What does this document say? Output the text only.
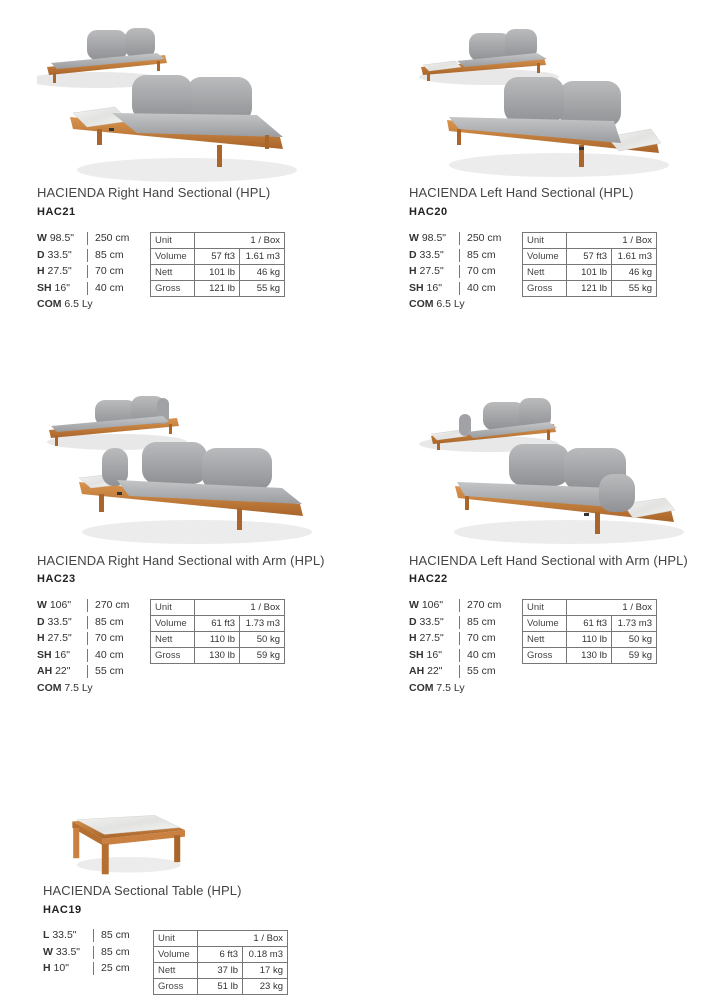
HACIENDA Right Hand Sectional (HPL)
HAC21
W 98.5" 250 cm
D 33.5" 85 cm
H 27.5" 70 cm
SH 16" 40 cm
COM 6.5 Ly
Unit	1 / Box	
Volume	57 ft3	1.61 m3
Nett	101 lb	46 kg
Gross	121 lb	55 kg
HACIENDA Left Hand Sectional (HPL)
HAC20
W 98.5" 250 cm
D 33.5" 85 cm
H 27.5" 70 cm
SH 16" 40 cm
COM 6.5 Ly
Unit	1 / Box	
Volume	57 ft3	1.61 m3
Nett	101 lb	46 kg
Gross	121 lb	55 kg
HACIENDA Right Hand Sectional with Arm (HPL)
HAC23
W 106" 270 cm
D 33.5" 85 cm
H 27.5" 70 cm
SH 16" 40 cm
AH 22" 55 cm
COM 7.5 Ly
Unit	1 / Box	
Volume	61 ft3	1.73 m3
Nett	110 lb	50 kg
Gross	130 lb	59 kg
HACIENDA Left Hand Sectional with Arm (HPL)
HAC22
W 106" 270 cm
D 33.5" 85 cm
H 27.5" 70 cm
SH 16" 40 cm
AH 22" 55 cm
COM 7.5 Ly
Unit	1 / Box	
Volume	61 ft3	1.73 m3
Nett	110 lb	50 kg
Gross	130 lb	59 kg
HACIENDA Sectional Table (HPL)
HAC19
L 33.5" 85 cm
W 33.5" 85 cm
H 10"	25 cm
Unit	1 / Box	
Volume	6 ft3	0.18 m3
Nett	37 lb	17 kg
Gross	51 lb	23 kg
